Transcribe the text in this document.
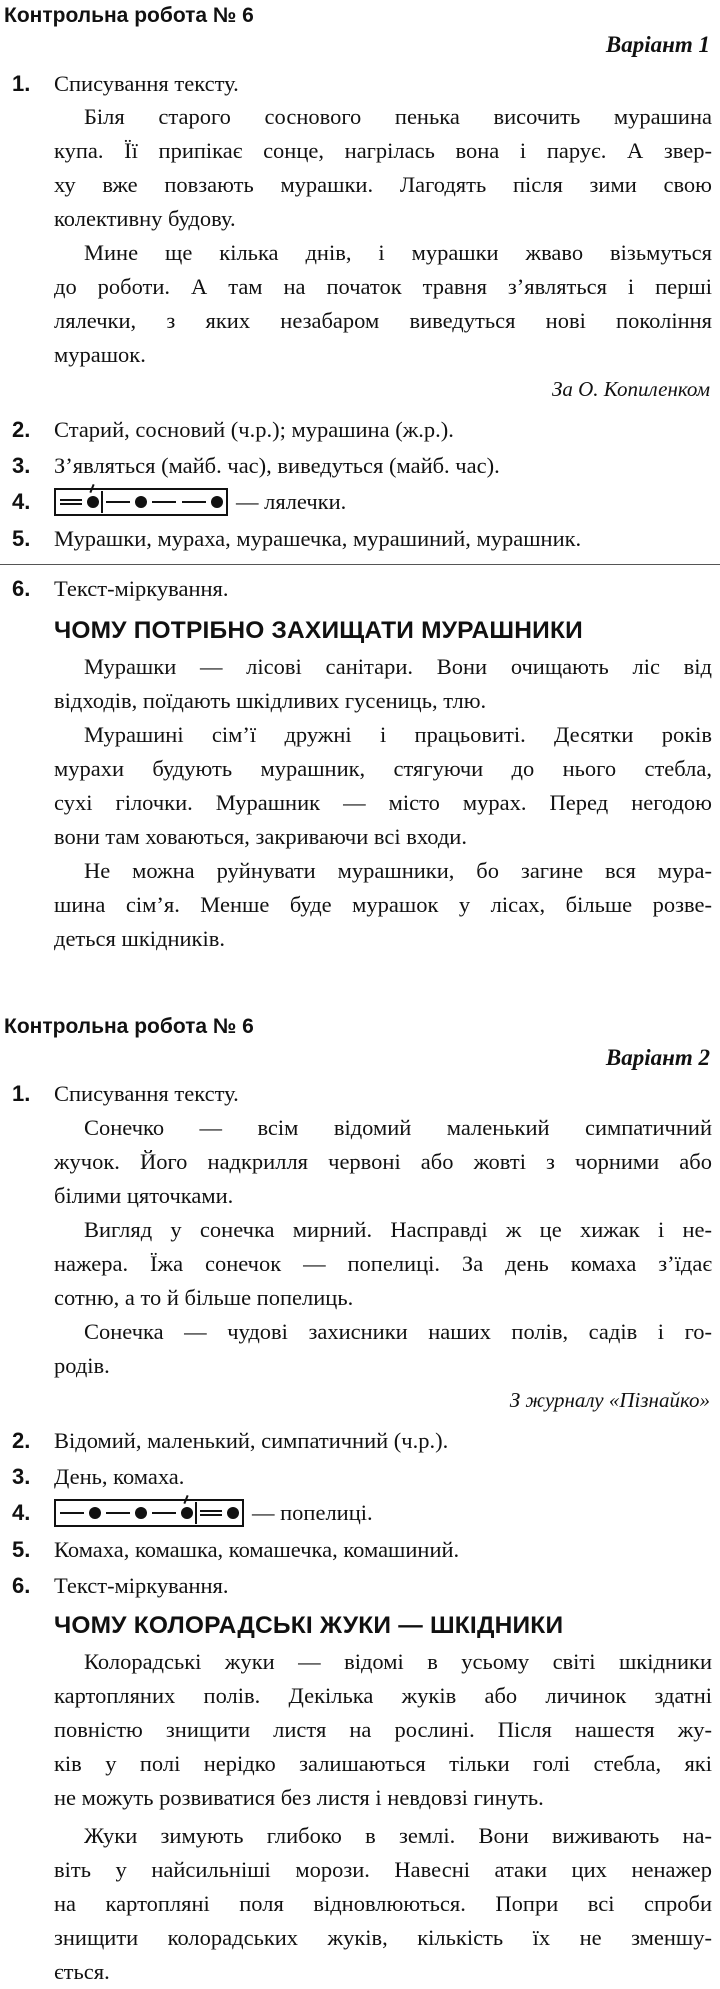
Контрольна робота № 6
Варіант 1
1. Списування тексту.

Біля старого соснового пенька височить мурашина
купа. Її припікає сонце, нагрілась вона і парує. А звер-
ху вже повзають мурашки. Лагодять після зими свою
колективну будову.

Мине ще кілька днів, і мурашки жваво візьмуться
до роботи. А там на початок травня з’являться і перші
лялечки, з яких незабаром виведуться нові покоління
мурашок.

За О. Копиленком
2. Старий, сосновий (ч.р.); мурашина (ж.р.).
3. З’являться (майб. час), виведуться (майб. час).
4.	— лялечки.
5. Мурашки, мураха, мурашечка, мурашиний, мурашник.
6. Текст-міркування.
ЧОМУ ПОТРІБНО ЗАХИЩАТИ МУРАШНИКИ

Мурашки — лісові санітари. Вони очищають ліс від
відходів, поїдають шкідливих гусениць, тлю.

Мурашині сім’ї дружні і працьовиті. Десятки років
мурахи будують мурашник, стягуючи до нього стебла,
сухі гілочки. Мурашник — місто мурах. Перед негодою
вони там ховаються, закриваючи всі входи.

Не можна руйнувати мурашники, бо загине вся мура-
шина сім’я. Менше буде мурашок у лісах, більше розве-
деться шкідників.

Контрольна робота № 6
Варіант 2
1. Списування тексту.

Сонечко — всім відомий маленький симпатичний
жучок. Його надкрилля червоні або жовті з чорними або
білими цяточками.

Вигляд у сонечка мирний. Насправді ж це хижак і не-
нажера. Їжа сонечок — попелиці. За день комаха з’їдає
сотню, а то й більше попелиць.

Сонечка — чудові захисники наших полів, садів і го-
родів.

З журналу «Пізнайко»
2. Відомий, маленький, симпатичний (ч.р.).
3. День, комаха.
4.	— попелиці.
5. Комаха, комашка, комашечка, комашиний.
6. Текст-міркування.
ЧОМУ КОЛОРАДСЬКІ ЖУКИ — ШКІДНИКИ

Колорадські жуки — відомі в усьому світі шкідники
картопляних полів. Декілька жуків або личинок здатні
повністю знищити листя на рослині. Після нашестя жу-
ків у полі нерідко залишаються тільки голі стебла, які
не можуть розвиватися без листя і невдовзі гинуть.

Жуки зимують глибоко в землі. Вони виживають на-
віть у найсильніші морози. Навесні атаки цих ненажер
на картопляні поля відновлюються. Попри всі спроби
знищити колорадських жуків, кількість їх не зменшу-
ється.
